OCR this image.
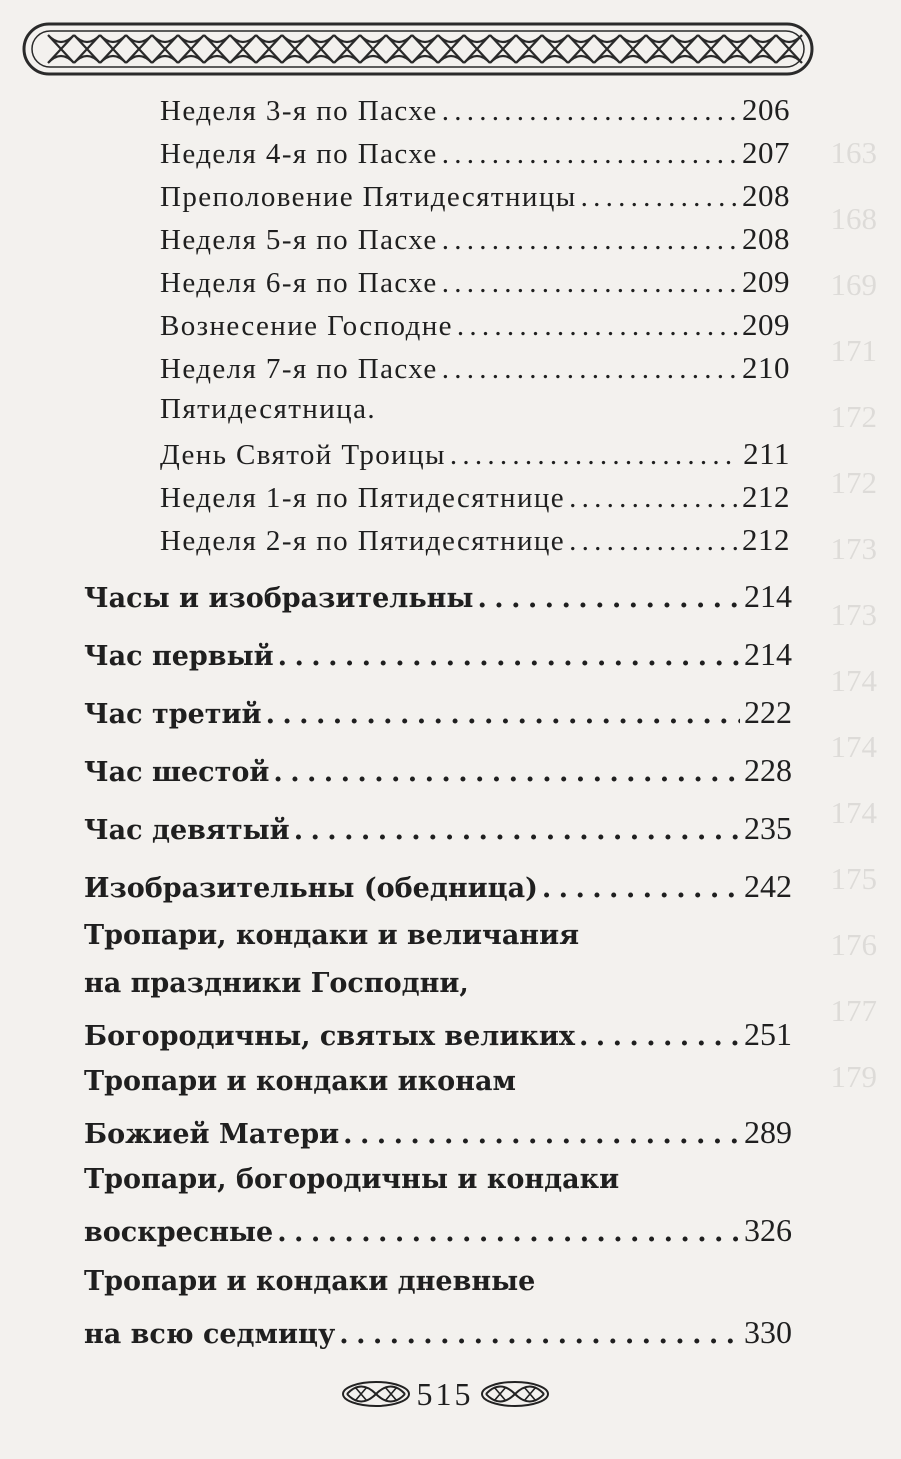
163
168
169
171
172
172
173
173
174
174
174
175
176
177
179
Неделя 3-я по Пасхе . . .	206
Неделя 4-я по Пасхе . . .	207
Преполовение Пятидесятницы . . .	208
Неделя 5-я по Пасхе . . .	208
Неделя 6-я по Пасхе . . .	209
Вознесение Господне . . .	209
Неделя 7-я по Пасхе . . .	210
Пятидесятница.
День Святой Троицы . . .	211
Неделя 1-я по Пятидесятнице . . .	212
Неделя 2-я по Пятидесятнице . . .	212
Часы и изобразительны . . .	214
Час первый . . .	214
Час третий . . .	222
Час шестой . . .	228
Час девятый . . .	235
Изобразительны (обедница) . . .	242
Тропари, кондаки и величания
на праздники Господни,
Богородичны, святых великих . . .	251
Тропари и кондаки иконам
Божией Матери . . .	289
Тропари, богородичны и кондаки
воскресные . . .	326
Тропари и кондаки дневные
на всю седмицу . . .	330
515
